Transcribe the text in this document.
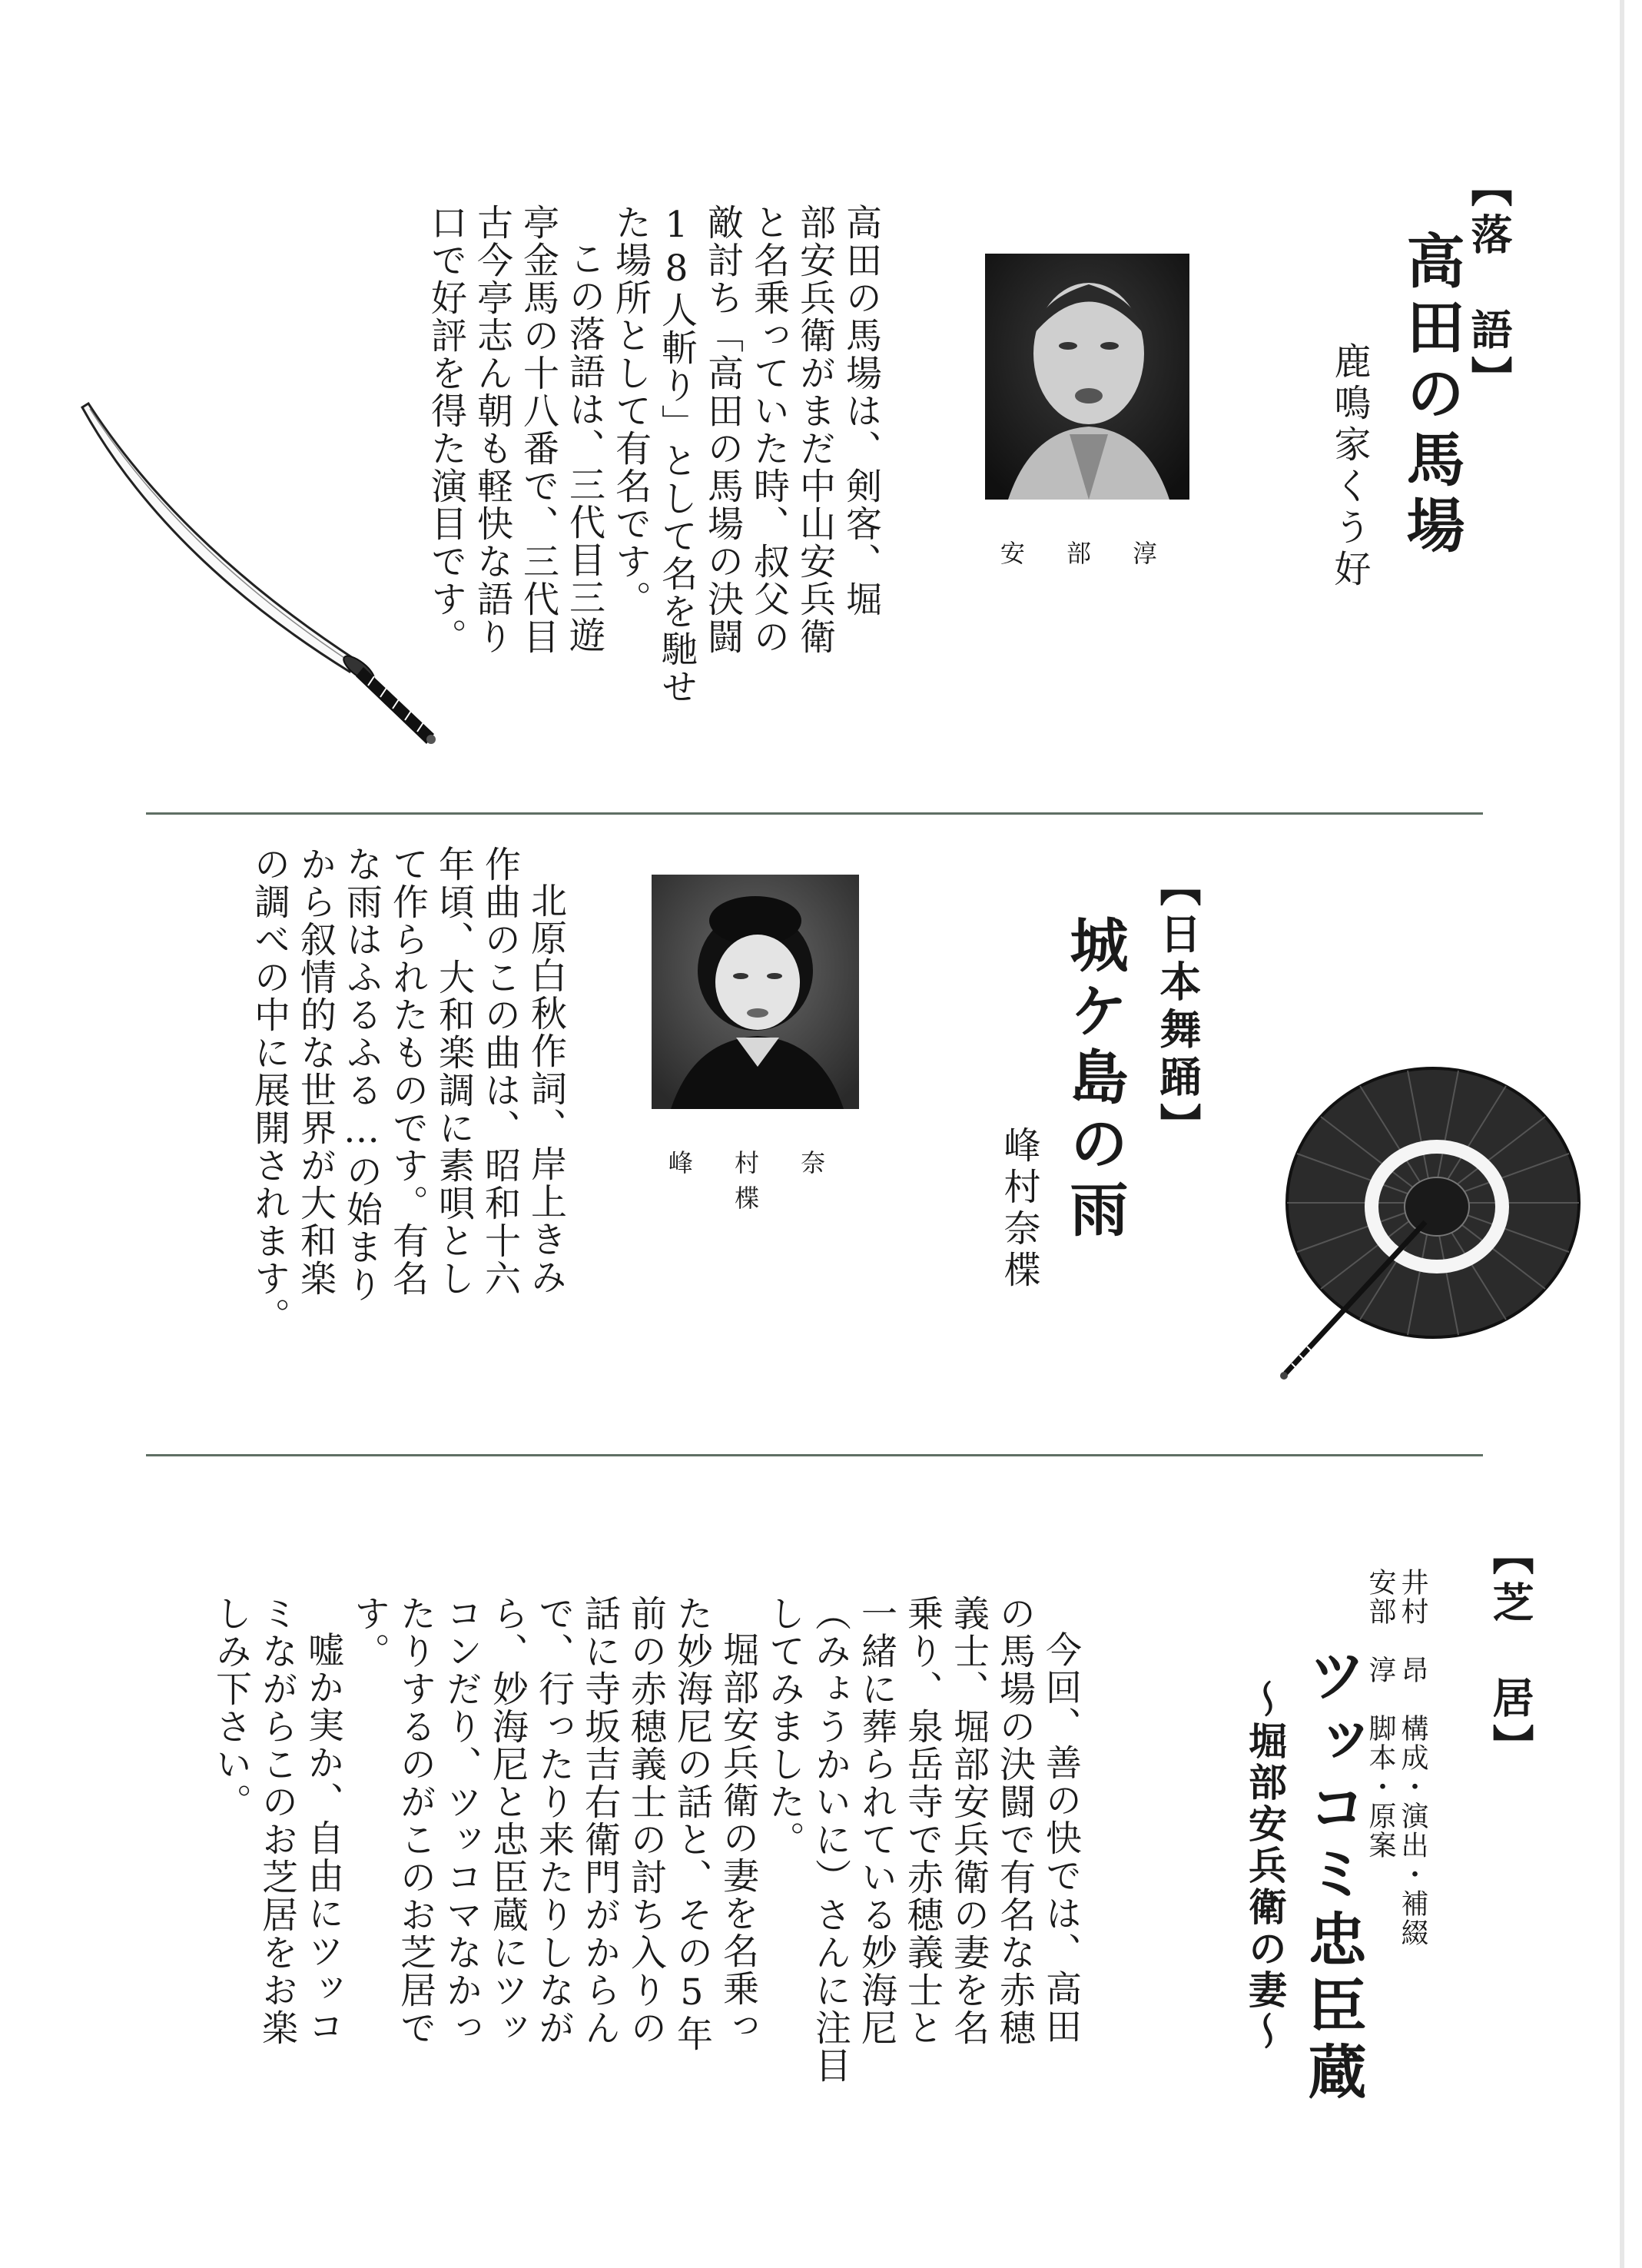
【落　語】
高田の馬場
鹿鳴家くう好
安 部 淳
高田の馬場は、剣客、堀
部安兵衛がまだ中山安兵衛
と名乗っていた時、叔父の
敵討ち「高田の馬場の決闘
18人斬り」として名を馳せ
た場所として有名です。
この落語は、三代目三遊
亭金馬の十八番で、三代目
古今亭志ん朝も軽快な語り
口で好評を得た演目です。
【日本舞踊】
城ケ島の雨
峰村奈楪
峰 村 奈 楪
北原白秋作詞、岸上きみ
作曲のこの曲は、昭和十六
年頃、大和楽調に素唄とし
て作られたものです。有名
な雨はふるふる…の始まり
から叙情的な世界が大和楽
の調べの中に展開されます。
【芝　居】
井村　昂　構成・演出・補綴
安部　淳　脚本・原案
ツッコミ忠臣蔵
～堀部安兵衛の妻～
今回、善の快では、高田
の馬場の決闘で有名な赤穂
義士、堀部安兵衛の妻を名
乗り、泉岳寺で赤穂義士と
一緒に葬られている妙海尼
（みょうかいに）さんに注目
してみました。
堀部安兵衛の妻を名乗っ
た妙海尼の話と、その5年
前の赤穂義士の討ち入りの
話に寺坂吉右衛門がからん
で、行ったり来たりしなが
ら、妙海尼と忠臣蔵にツッ
コンだり、ツッコマなかっ
たりするのがこのお芝居で
す。
嘘か実か、自由にツッコ
ミながらこのお芝居をお楽
しみ下さい。
